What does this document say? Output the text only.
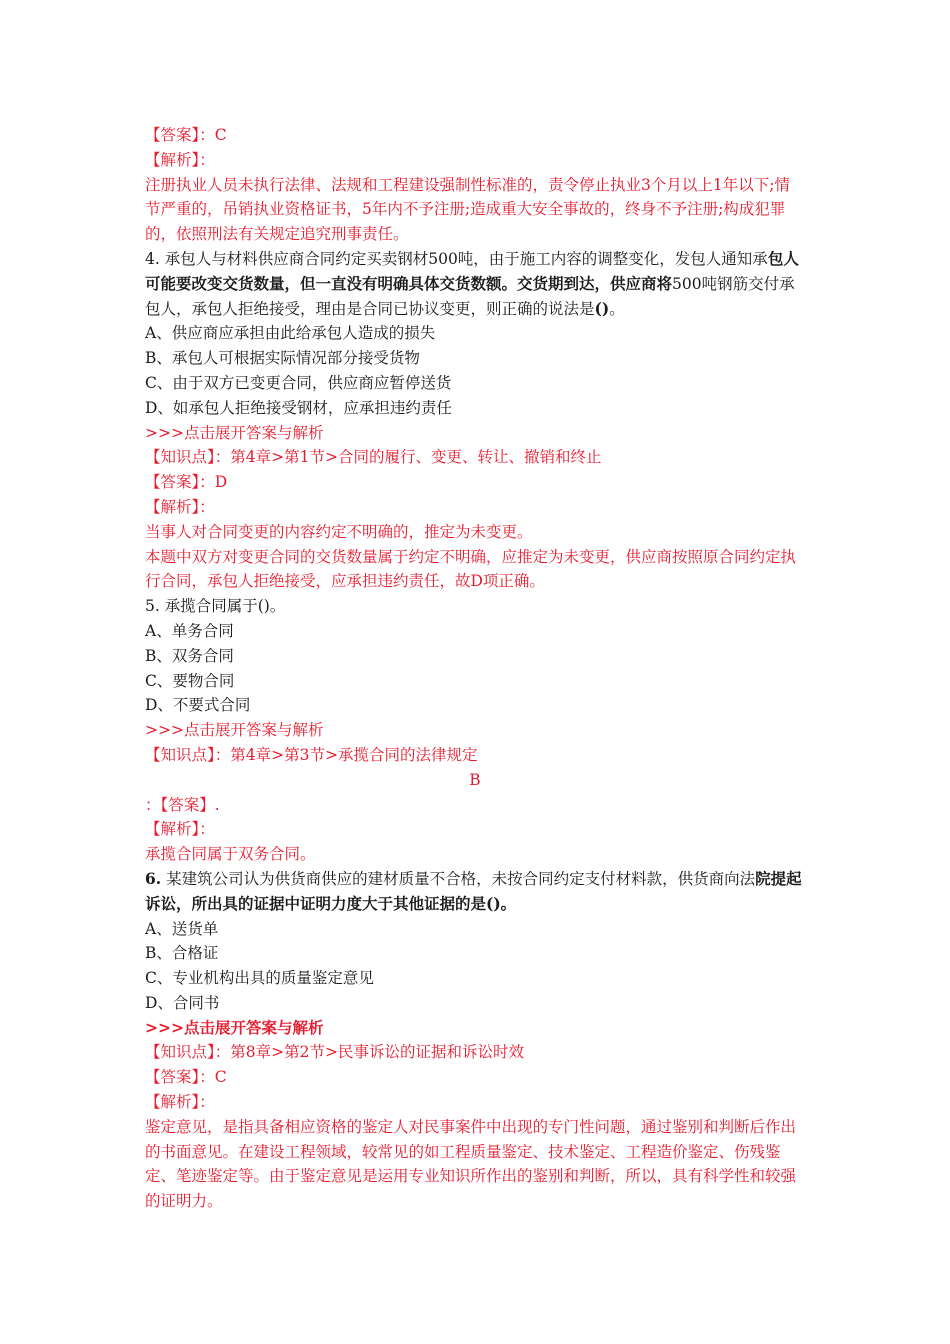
【答案】：C
【解析】：
注册执业人员未执行法律、法规和工程建设强制性标准的，责令停止执业3个月以上1年以下;情节严重的，吊销执业资格证书，5年内不予注册;造成重大安全事故的，终身不予注册;构成犯罪的，依照刑法有关规定追究刑事责任。
4. 承包人与材料供应商合同约定买卖钢材500吨，由于施工内容的调整变化，发包人通知承包人可能要改变交货数量，但一直没有明确具体交货数额。交货期到达，供应商将500吨钢筋交付承包人，承包人拒绝接受，理由是合同已协议变更，则正确的说法是()。
A、供应商应承担由此给承包人造成的损失
B、承包人可根据实际情况部分接受货物
C、由于双方已变更合同，供应商应暂停送货
D、如承包人拒绝接受钢材，应承担违约责任
>>>点击展开答案与解析
【知识点】：第4章>第1节>合同的履行、变更、转让、撤销和终止
【答案】：D
【解析】：
当事人对合同变更的内容约定不明确的，推定为未变更。
本题中双方对变更合同的交货数量属于约定不明确，应推定为未变更，供应商按照原合同约定执行合同，承包人拒绝接受，应承担违约责任，故D项正确。
5. 承揽合同属于()。
A、单务合同
B、双务合同
C、要物合同
D、不要式合同
>>>点击展开答案与解析
【知识点】：第4章>第3节>承揽合同的法律规定
B
：【答案】.
【解析】：
承揽合同属于双务合同。
6. 某建筑公司认为供货商供应的建材质量不合格，未按合同约定支付材料款，供货商向法院提起诉讼，所出具的证据中证明力度大于其他证据的是()。
A、送货单
B、合格证
C、专业机构出具的质量鉴定意见
D、合同书
>>>点击展开答案与解析
【知识点】：第8章>第2节>民事诉讼的证据和诉讼时效
【答案】：C
【解析】：
鉴定意见，是指具备相应资格的鉴定人对民事案件中出现的专门性问题，通过鉴别和判断后作出的书面意见。在建设工程领域，较常见的如工程质量鉴定、技术鉴定、工程造价鉴定、伤残鉴定、笔迹鉴定等。由于鉴定意见是运用专业知识所作出的鉴别和判断，所以，具有科学性和较强的证明力。
